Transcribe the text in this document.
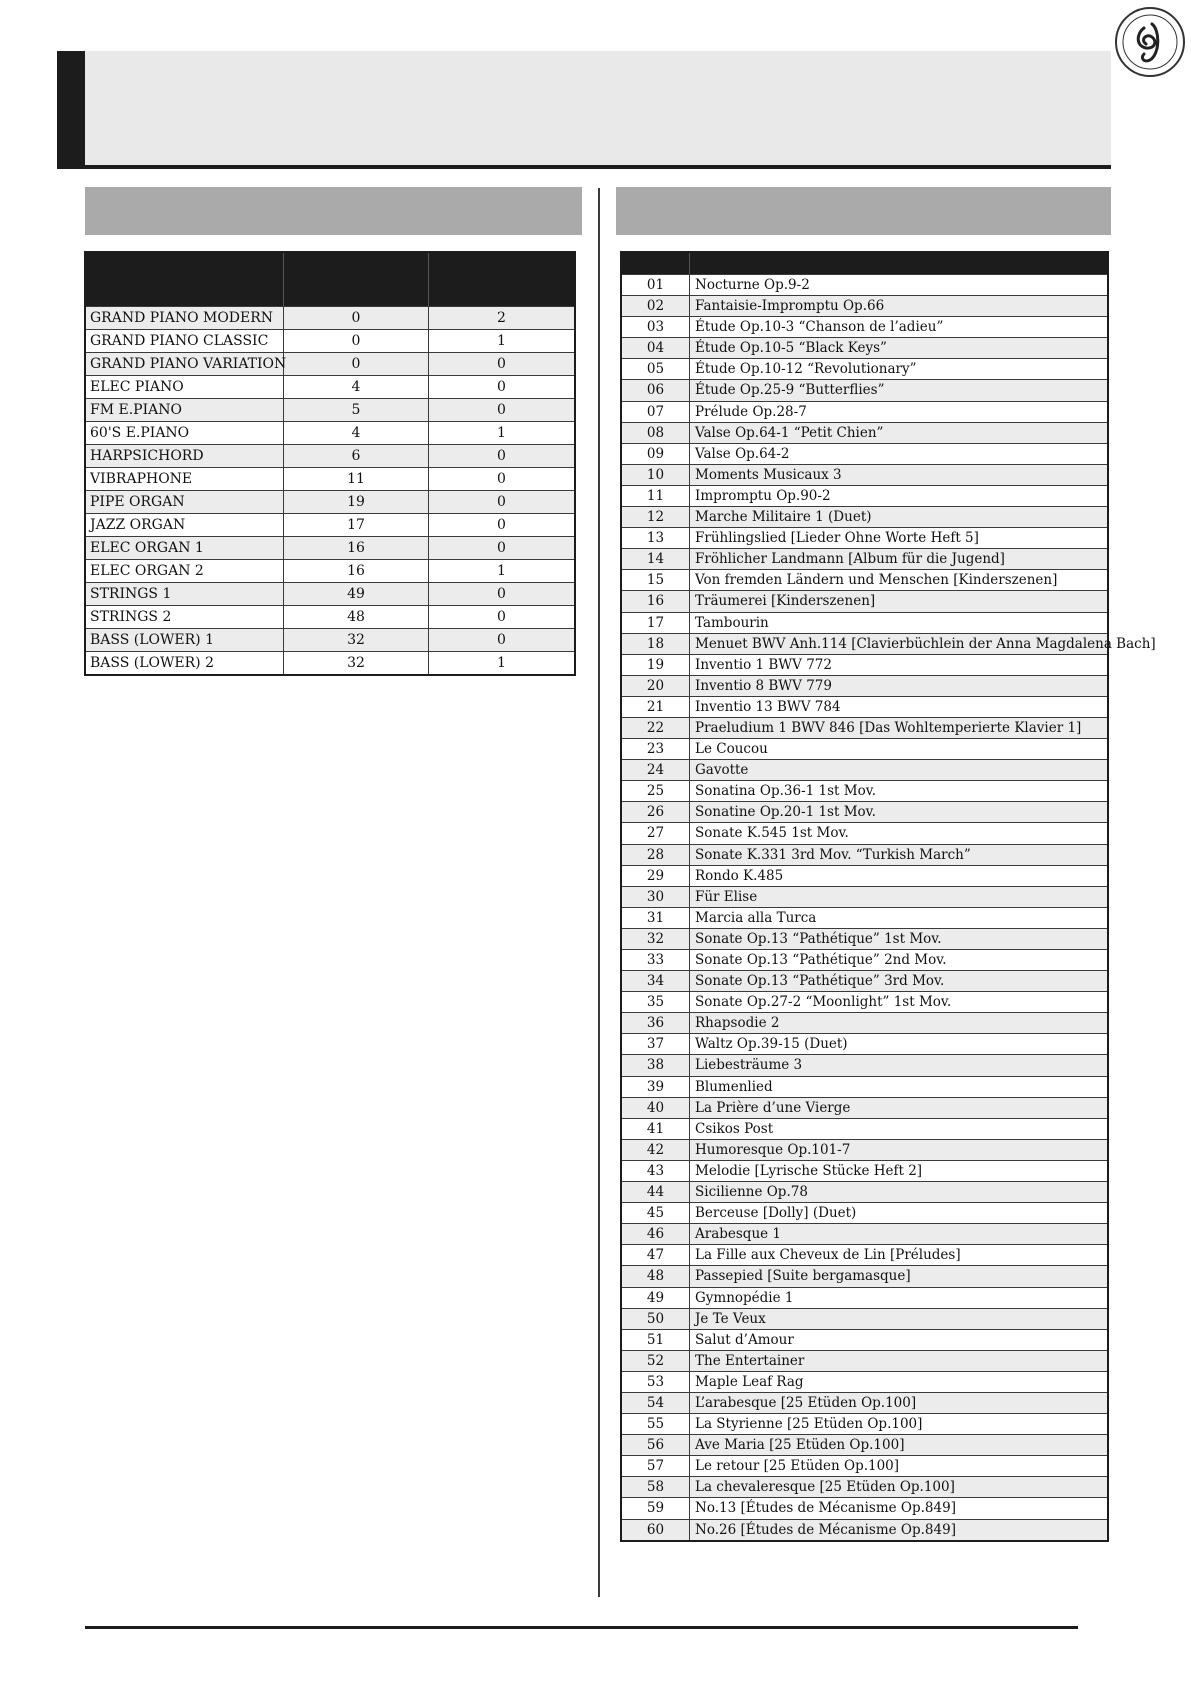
GRAND PIANO MODERN	0	2
GRAND PIANO CLASSIC	0	1
GRAND PIANO VARIATION	0	0
ELEC PIANO	4	0
FM E.PIANO	5	0
60'S E.PIANO	4	1
HARPSICHORD	6	0
VIBRAPHONE	11	0
PIPE ORGAN	19	0
JAZZ ORGAN	17	0
ELEC ORGAN 1	16	0
ELEC ORGAN 2	16	1
STRINGS 1	49	0
STRINGS 2	48	0
BASS (LOWER) 1	32	0
BASS (LOWER) 2	32	1
01	Nocturne Op.9-2
02	Fantaisie-Impromptu Op.66
03	Étude Op.10-3 “Chanson de l’adieu”
04	Étude Op.10-5 “Black Keys”
05	Étude Op.10-12 “Revolutionary”
06	Étude Op.25-9 “Butterflies”
07	Prélude Op.28-7
08	Valse Op.64-1 “Petit Chien”
09	Valse Op.64-2
10	Moments Musicaux 3
11	Impromptu Op.90-2
12	Marche Militaire 1 (Duet)
13	Frühlingslied [Lieder Ohne Worte Heft 5]
14	Fröhlicher Landmann [Album für die Jugend]
15	Von fremden Ländern und Menschen [Kinderszenen]
16	Träumerei [Kinderszenen]
17	Tambourin
18	Menuet BWV Anh.114 [Clavierbüchlein der Anna Magdalena Bach]
19	Inventio 1 BWV 772
20	Inventio 8 BWV 779
21	Inventio 13 BWV 784
22	Praeludium 1 BWV 846 [Das Wohltemperierte Klavier 1]
23	Le Coucou
24	Gavotte
25	Sonatina Op.36-1 1st Mov.
26	Sonatine Op.20-1 1st Mov.
27	Sonate K.545 1st Mov.
28	Sonate K.331 3rd Mov. “Turkish March”
29	Rondo K.485
30	Für Elise
31	Marcia alla Turca
32	Sonate Op.13 “Pathétique” 1st Mov.
33	Sonate Op.13 “Pathétique” 2nd Mov.
34	Sonate Op.13 “Pathétique” 3rd Mov.
35	Sonate Op.27-2 “Moonlight” 1st Mov.
36	Rhapsodie 2
37	Waltz Op.39-15 (Duet)
38	Liebesträume 3
39	Blumenlied
40	La Prière d’une Vierge
41	Csikos Post
42	Humoresque Op.101-7
43	Melodie [Lyrische Stücke Heft 2]
44	Sicilienne Op.78
45	Berceuse [Dolly] (Duet)
46	Arabesque 1
47	La Fille aux Cheveux de Lin [Préludes]
48	Passepied [Suite bergamasque]
49	Gymnopédie 1
50	Je Te Veux
51	Salut d’Amour
52	The Entertainer
53	Maple Leaf Rag
54	L’arabesque [25 Etüden Op.100]
55	La Styrienne [25 Etüden Op.100]
56	Ave Maria [25 Etüden Op.100]
57	Le retour [25 Etüden Op.100]
58	La chevaleresque [25 Etüden Op.100]
59	No.13 [Études de Mécanisme Op.849]
60	No.26 [Études de Mécanisme Op.849]
